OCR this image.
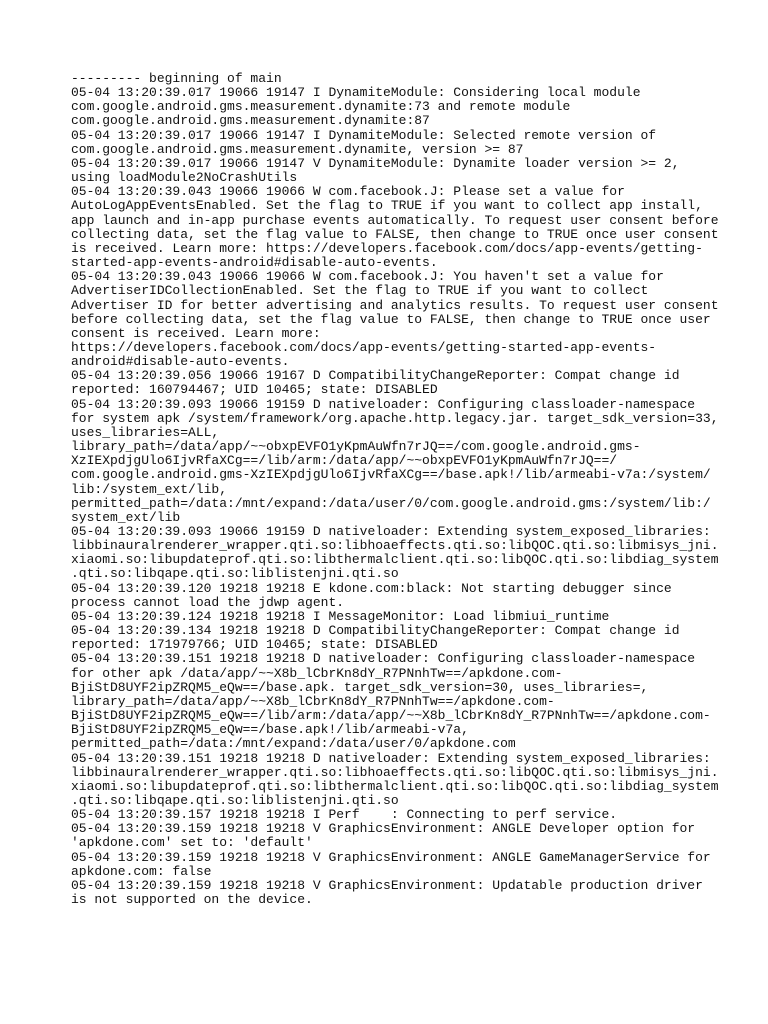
--------- beginning of main
05-04 13:20:39.017 19066 19147 I DynamiteModule: Considering local module
com.google.android.gms.measurement.dynamite:73 and remote module
com.google.android.gms.measurement.dynamite:87
05-04 13:20:39.017 19066 19147 I DynamiteModule: Selected remote version of
com.google.android.gms.measurement.dynamite, version >= 87
05-04 13:20:39.017 19066 19147 V DynamiteModule: Dynamite loader version >= 2,
using loadModule2NoCrashUtils
05-04 13:20:39.043 19066 19066 W com.facebook.J: Please set a value for
AutoLogAppEventsEnabled. Set the flag to TRUE if you want to collect app install,
app launch and in-app purchase events automatically. To request user consent before
collecting data, set the flag value to FALSE, then change to TRUE once user consent
is received. Learn more: https://developers.facebook.com/docs/app-events/getting-
started-app-events-android#disable-auto-events.
05-04 13:20:39.043 19066 19066 W com.facebook.J: You haven't set a value for
AdvertiserIDCollectionEnabled. Set the flag to TRUE if you want to collect
Advertiser ID for better advertising and analytics results. To request user consent
before collecting data, set the flag value to FALSE, then change to TRUE once user
consent is received. Learn more:
https://developers.facebook.com/docs/app-events/getting-started-app-events-
android#disable-auto-events.
05-04 13:20:39.056 19066 19167 D CompatibilityChangeReporter: Compat change id
reported: 160794467; UID 10465; state: DISABLED
05-04 13:20:39.093 19066 19159 D nativeloader: Configuring classloader-namespace
for system apk /system/framework/org.apache.http.legacy.jar. target_sdk_version=33,
uses_libraries=ALL,
library_path=/data/app/~~obxpEVFO1yKpmAuWfn7rJQ==/com.google.android.gms-
XzIEXpdjgUlo6IjvRfaXCg==/lib/arm:/data/app/~~obxpEVFO1yKpmAuWfn7rJQ==/
com.google.android.gms-XzIEXpdjgUlo6IjvRfaXCg==/base.apk!/lib/armeabi-v7a:/system/
lib:/system_ext/lib,
permitted_path=/data:/mnt/expand:/data/user/0/com.google.android.gms:/system/lib:/
system_ext/lib
05-04 13:20:39.093 19066 19159 D nativeloader: Extending system_exposed_libraries:
libbinauralrenderer_wrapper.qti.so:libhoaeffects.qti.so:libQOC.qti.so:libmisys_jni.
xiaomi.so:libupdateprof.qti.so:libthermalclient.qti.so:libQOC.qti.so:libdiag_system
.qti.so:libqape.qti.so:liblistenjni.qti.so
05-04 13:20:39.120 19218 19218 E kdone.com:black: Not starting debugger since
process cannot load the jdwp agent.
05-04 13:20:39.124 19218 19218 I MessageMonitor: Load libmiui_runtime
05-04 13:20:39.134 19218 19218 D CompatibilityChangeReporter: Compat change id
reported: 171979766; UID 10465; state: DISABLED
05-04 13:20:39.151 19218 19218 D nativeloader: Configuring classloader-namespace
for other apk /data/app/~~X8b_lCbrKn8dY_R7PNnhTw==/apkdone.com-
BjiStD8UYF2ipZRQM5_eQw==/base.apk. target_sdk_version=30, uses_libraries=,
library_path=/data/app/~~X8b_lCbrKn8dY_R7PNnhTw==/apkdone.com-
BjiStD8UYF2ipZRQM5_eQw==/lib/arm:/data/app/~~X8b_lCbrKn8dY_R7PNnhTw==/apkdone.com-
BjiStD8UYF2ipZRQM5_eQw==/base.apk!/lib/armeabi-v7a,
permitted_path=/data:/mnt/expand:/data/user/0/apkdone.com
05-04 13:20:39.151 19218 19218 D nativeloader: Extending system_exposed_libraries:
libbinauralrenderer_wrapper.qti.so:libhoaeffects.qti.so:libQOC.qti.so:libmisys_jni.
xiaomi.so:libupdateprof.qti.so:libthermalclient.qti.so:libQOC.qti.so:libdiag_system
.qti.so:libqape.qti.so:liblistenjni.qti.so
05-04 13:20:39.157 19218 19218 I Perf    : Connecting to perf service.
05-04 13:20:39.159 19218 19218 V GraphicsEnvironment: ANGLE Developer option for
'apkdone.com' set to: 'default'
05-04 13:20:39.159 19218 19218 V GraphicsEnvironment: ANGLE GameManagerService for
apkdone.com: false
05-04 13:20:39.159 19218 19218 V GraphicsEnvironment: Updatable production driver
is not supported on the device.
